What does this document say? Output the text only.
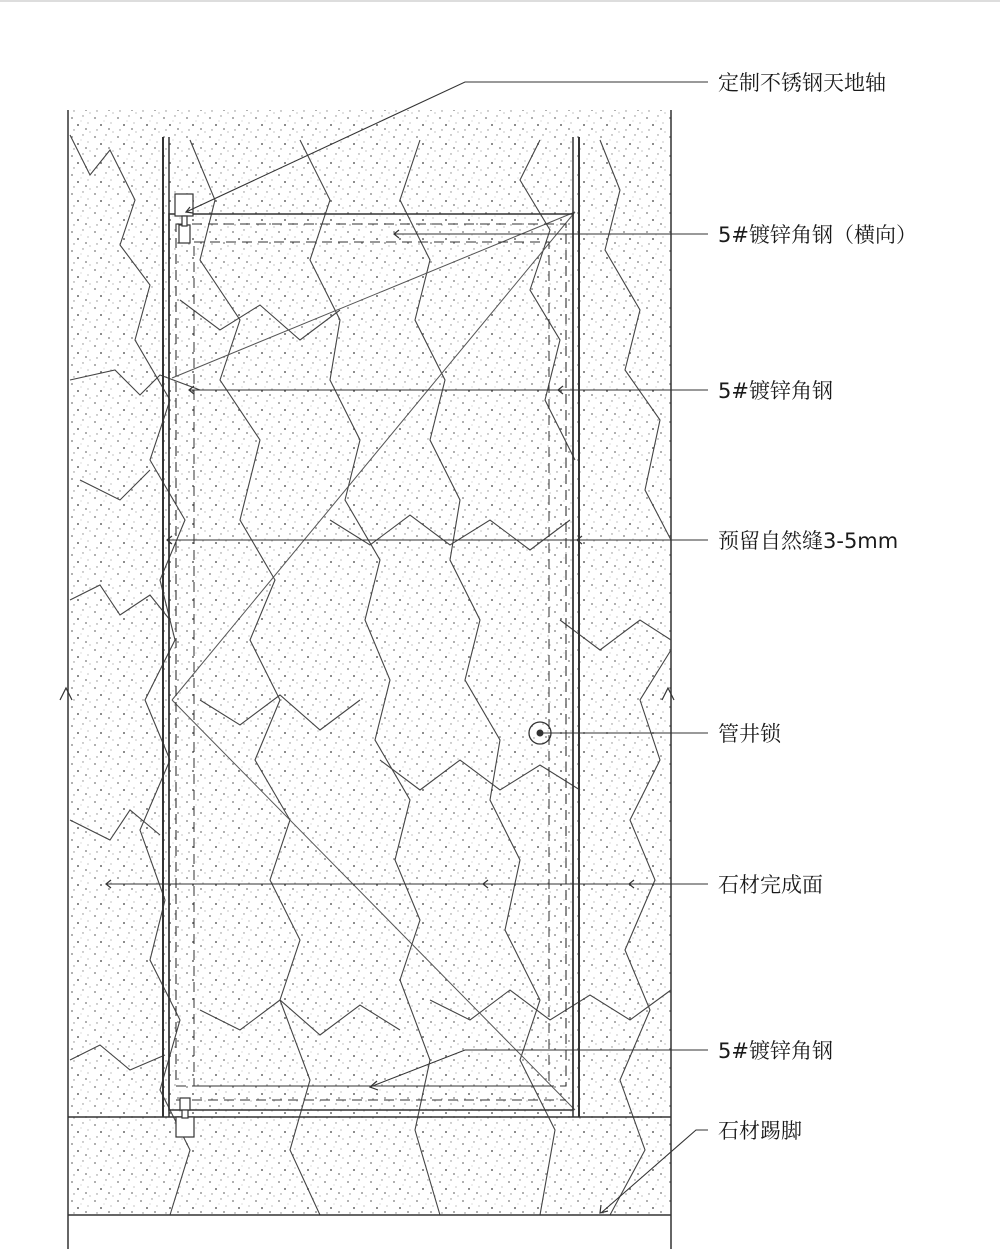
定制不锈钢天地轴
5#镀锌角钢（横向）
5#镀锌角钢
预留自然缝3-5mm
管井锁
石材完成面
5#镀锌角钢
石材踢脚
